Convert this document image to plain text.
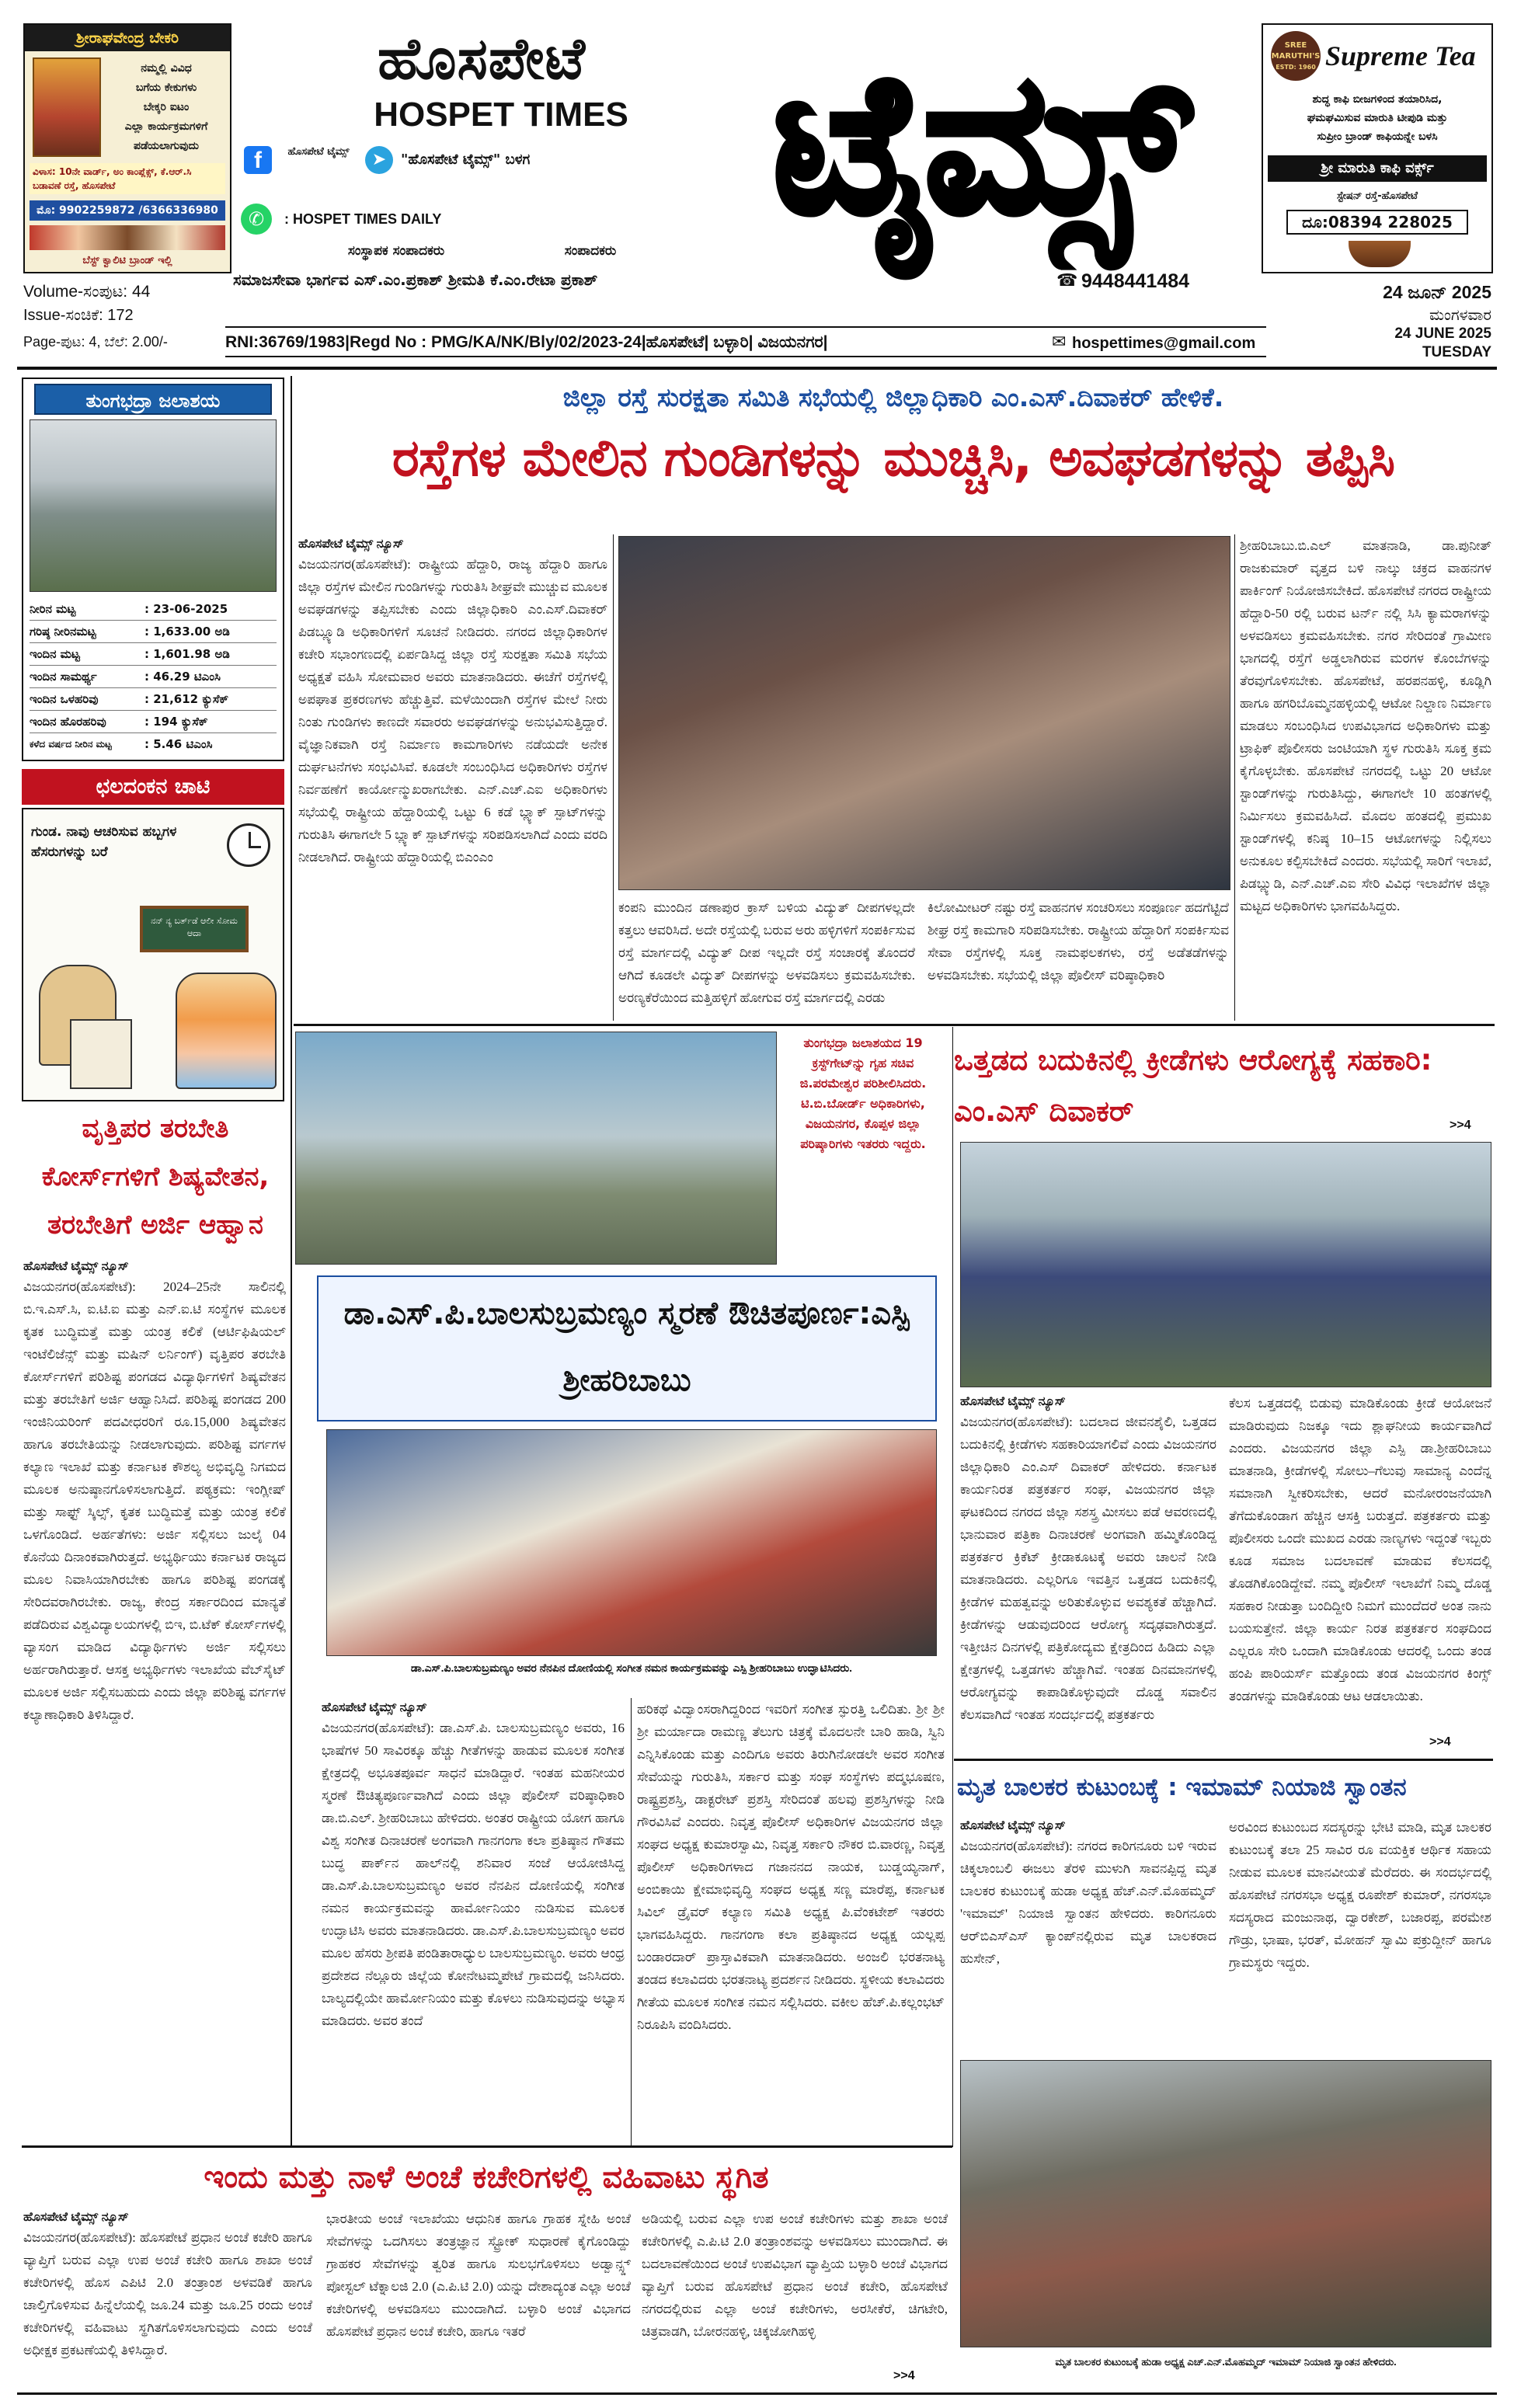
ಶ್ರೀರಾಘವೇಂದ್ರ ಬೇಕರಿ
ನಮ್ಮಲ್ಲಿ ವಿವಿಧ
ಬಗೆಯ ಕೇಕುಗಳು
ಬೇಕ್ಕರಿ ಐಟಂ
ಎಲ್ಲಾ ಕಾರ್ಯಕ್ರಮಗಳಿಗೆ
ಪಡೆಯಲಾಗುವುದು
ವಿಳಾಸ: 10ನೇ ವಾರ್ಡ್, ಅಂ ಕಾಂಪ್ಲೆಕ್ಸ್, ಕೆ.ಆರ್.ಸಿ ಬಡಾವಣೆ ರಸ್ತೆ, ಹೊಸಪೇಟೆ
ಮೊ: 9902259872 /6366336980
ಬೆಸ್ಟ್ ಕ್ವಾಲಿಟಿ ಬ್ರಾಂಡ್ ಇಲ್ಲಿ
ಹೊಸಪೇಟೆ
HOSPET TIMES
f	ಹೊಸಪೇಟೆ ಟೈಮ್ಸ್	➤	"ಹೊಸಪೇಟೆ ಟೈಮ್ಸ್" ಬಳಗ
✆	: HOSPET TIMES DAILY	ಟೈಮ್ಸ್	SREE MARUTHI'S
ESTD: 1960 Supreme Tea
ಶುದ್ಧ ಕಾಫಿ ಬೀಜಗಳಿಂದ ತಯಾರಿಸಿದ,
ಘಮಘಮಿಸುವ ಮಾರುತಿ ಟೀಪುಡಿ ಮತ್ತು
ಸುಪ್ರೀಂ ಬ್ರಾಂಡ್ ಕಾಫಿಯನ್ನೇ ಬಳಸಿ
ಶ್ರೀ ಮಾರುತಿ ಕಾಫಿ ವರ್ಕ್ಸ್
ಸ್ಟೇಷನ್ ರಸ್ತೆ-ಹೊಸಪೇಟೆ
ದೂ:08394 228025
ಸಂಸ್ಥಾಪಕ ಸಂಪಾದಕರು	ಸಂಪಾದಕರು
ಸಮಾಜಸೇವಾ ಭಾರ್ಗವ ಎಸ್.ಎಂ.ಪ್ರಕಾಶ್ ಶ್ರೀಮತಿ ಕೆ.ಎಂ.ರೇಟಾ ಪ್ರಕಾಶ್	☎ 9448441484
Volume-ಸಂಪುಟ: 44
Issue-ಸಂಚಿಕೆ: 172
Page-ಪುಟ: 4, ಬೆಲೆ: 2.00/-
24 ಜೂನ್ 2025
ಮಂಗಳವಾರ
RNI:36769/1983|Regd No : PMG/KA/NK/Bly/02/2023-24|ಹೊಸಪೇಟೆ| ಬಳ್ಳಾರಿ| ವಿಜಯನಗರ|	✉ hospettimes@gmail.com
24 JUNE 2025
TUESDAY
ತುಂಗಭದ್ರಾ ಜಲಾಶಯ
ನೀರಿನ ಮಟ್ಟ	: 23-06-2025
ಗರಿಷ್ಠ ನೀರಿನಮಟ್ಟ	: 1,633.00 ಅಡಿ
ಇಂದಿನ ಮಟ್ಟ	: 1,601.98 ಅಡಿ
ಇಂದಿನ ಸಾಮರ್ಥ್ಯ	: 46.29 ಟಿಎಂಸಿ
ಇಂದಿನ ಒಳಹರಿವು	: 21,612 ಕ್ಯುಸೆಕ್
ಇಂದಿನ ಹೊರಹರಿವು	: 194 ಕ್ಯುಸೆಕ್
ಕಳೆದ ವರ್ಷದ ನೀರಿನ ಮಟ್ಟ	: 5.46 ಟಿಎಂಸಿ
ಛಲದಂಕನ ಚಾಟಿ
ಗುಂಡ. ನಾವು ಆಚರಿಸುವ ಹಬ್ಬಗಳ ಹೆಸರುಗಳನ್ನು ಬರೆ
ನನ್ ನ್ಯ ಬರ್ತ್‌ಡೆ ಆಲೀ ಸೋಮ ಆದಾ
ಜಿಲ್ಲಾ ರಸ್ತೆ ಸುರಕ್ಷತಾ ಸಮಿತಿ ಸಭೆಯಲ್ಲಿ ಜಿಲ್ಲಾಧಿಕಾರಿ ಎಂ.ಎಸ್.ದಿವಾಕರ್ ಹೇಳಿಕೆ.
ರಸ್ತೆಗಳ ಮೇಲಿನ ಗುಂಡಿಗಳನ್ನು ಮುಚ್ಚಿಸಿ, ಅವಘಡಗಳನ್ನು ತಪ್ಪಿಸಿ
ಹೊಸಪೇಟೆ ಟೈಮ್ಸ್ ನ್ಯೂಸ್
ವಿಜಯನಗರ(ಹೊಸಪೇಟೆ): ರಾಷ್ಟ್ರೀಯ ಹೆದ್ದಾರಿ, ರಾಜ್ಯ ಹೆದ್ದಾರಿ ಹಾಗೂ ಜಿಲ್ಲಾ ರಸ್ತೆಗಳ ಮೇಲಿನ ಗುಂಡಿಗಳನ್ನು ಗುರುತಿಸಿ ಶೀಘ್ರವೇ ಮುಚ್ಚುವ ಮೂಲಕ ಅವಘಡಗಳನ್ನು ತಪ್ಪಿಸಬೇಕು ಎಂದು ಜಿಲ್ಲಾಧಿಕಾರಿ ಎಂ.ಎಸ್.ದಿವಾಕರ್ ಪಿಡಬ್ಲ್ಯೂಡಿ ಅಧಿಕಾರಿಗಳಿಗೆ ಸೂಚನೆ ನೀಡಿದರು. ನಗರದ ಜಿಲ್ಲಾಧಿಕಾರಿಗಳ ಕಚೇರಿ ಸಭಾಂಗಣದಲ್ಲಿ ಏರ್ಪಡಿಸಿದ್ದ ಜಿಲ್ಲಾ ರಸ್ತೆ ಸುರಕ್ಷತಾ ಸಮಿತಿ ಸಭೆಯ ಅಧ್ಯಕ್ಷತೆ ವಹಿಸಿ ಸೋಮವಾರ ಅವರು ಮಾತನಾಡಿದರು. ಈಚೆಗೆ ರಸ್ತೆಗಳಲ್ಲಿ ಅಪಘಾತ ಪ್ರಕರಣಗಳು ಹೆಚ್ಚುತ್ತಿವೆ. ಮಳೆಯಿಂದಾಗಿ ರಸ್ತೆಗಳ ಮೇಲೆ ನೀರು ನಿಂತು ಗುಂಡಿಗಳು ಕಾಣದೇ ಸವಾರರು ಅವಘಡಗಳನ್ನು ಅನುಭವಿಸುತ್ತಿದ್ದಾರೆ. ವೈಜ್ಞಾನಿಕವಾಗಿ ರಸ್ತೆ ನಿರ್ಮಾಣ ಕಾಮಗಾರಿಗಳು ನಡೆಯದೇ ಅನೇಕ ದುರ್ಘಟನೆಗಳು ಸಂಭವಿಸಿವೆ. ಕೂಡಲೇ ಸಂಬಂಧಿಸಿದ ಅಧಿಕಾರಿಗಳು ರಸ್ತೆಗಳ ನಿರ್ವಹಣೆಗೆ ಕಾರ್ಯೋನ್ಮುಖರಾಗಬೇಕು. ಎನ್.ಎಚ್.ಎಐ ಅಧಿಕಾರಿಗಳು ಸಭೆಯಲ್ಲಿ ರಾಷ್ಟ್ರೀಯ ಹೆದ್ದಾರಿಯಲ್ಲಿ ಒಟ್ಟು 6 ಕಡೆ ಬ್ಲ್ಯಾಕ್ ಸ್ಪಾಟ್‌ಗಳನ್ನು ಗುರುತಿಸಿ ಈಗಾಗಲೇ 5 ಬ್ಲ್ಯಾಕ್ ಸ್ಪಾಟ್‌ಗಳನ್ನು ಸರಿಪಡಿಸಲಾಗಿದೆ ಎಂದು ವರದಿ ನೀಡಲಾಗಿದೆ. ರಾಷ್ಟ್ರೀಯ ಹೆದ್ದಾರಿಯಲ್ಲಿ ಬಿಎಂಎಂ
ಕಂಪನಿ ಮುಂದಿನ ಡಣಾಪುರ ಕ್ರಾಸ್ ಬಳಿಯ ವಿದ್ಯುತ್ ದೀಪಗಳಲ್ಲದೇ ಕತ್ತಲು ಆವರಿಸಿದೆ. ಅದೇ ರಸ್ತೆಯಲ್ಲಿ ಬರುವ ಅರು ಹಳ್ಳಿಗಳಿಗೆ ಸಂಪರ್ಕಿಸುವ ರಸ್ತೆ ಮಾರ್ಗದಲ್ಲಿ ವಿದ್ಯುತ್ ದೀಪ ಇಲ್ಲದೇ ರಸ್ತೆ ಸಂಚಾರಕ್ಕೆ ತೊಂದರೆ ಆಗಿದೆ ಕೂಡಲೇ ವಿದ್ಯುತ್ ದೀಪಗಳನ್ನು ಅಳವಡಿಸಲು ಕ್ರಮವಹಿಸಬೇಕು. ಅರಣ್ಯಕೆರೆಯಿಂದ ಮತ್ತಿಹಳ್ಳಿಗೆ ಹೋಗುವ ರಸ್ತೆ ಮಾರ್ಗದಲ್ಲಿ ಎರಡು
ಕಿಲೋಮೀಟರ್ ನಷ್ಟು ರಸ್ತೆ ವಾಹನಗಳ ಸಂಚರಿಸಲು ಸಂಪೂರ್ಣ ಹದಗೆಟ್ಟಿದೆ ಶೀಘ್ರ ರಸ್ತೆ ಕಾಮಗಾರಿ ಸರಿಪಡಿಸಬೇಕು. ರಾಷ್ಟ್ರೀಯ ಹೆದ್ದಾರಿಗೆ ಸಂಪರ್ಕಿಸುವ ಸೇವಾ ರಸ್ತೆಗಳಲ್ಲಿ ಸೂಕ್ತ ನಾಮಫಲಕಗಳು, ರಸ್ತೆ ಅಡೆತಡೆಗಳನ್ನು ಅಳವಡಿಸಬೇಕು. ಸಭೆಯಲ್ಲಿ ಜಿಲ್ಲಾ ಪೊಲೀಸ್ ವರಿಷ್ಠಾಧಿಕಾರಿ
ಶ್ರೀಹರಿಬಾಬು.ಬಿ.ಎಲ್ ಮಾತನಾಡಿ, ಡಾ.ಪುನೀತ್ ರಾಜಕುಮಾರ್ ವೃತ್ತದ ಬಳಿ ನಾಲ್ಕು ಚಕ್ರದ ವಾಹನಗಳ ಪಾರ್ಕಿಂಗ್ ನಿಯೋಜಿಸಬೇಕಿದೆ. ಹೊಸಪೇಟೆ ನಗರದ ರಾಷ್ಟ್ರೀಯ ಹೆದ್ದಾರಿ-50 ರಲ್ಲಿ ಬರುವ ಟರ್ನ್ ನಲ್ಲಿ ಸಿಸಿ ಕ್ಯಾಮರಾಗಳನ್ನು ಅಳವಡಿಸಲು ಕ್ರಮವಹಿಸಬೇಕು. ನಗರ ಸೇರಿದಂತೆ ಗ್ರಾಮೀಣ ಭಾಗದಲ್ಲಿ ರಸ್ತೆಗೆ ಅಡ್ಡಲಾಗಿರುವ ಮರಗಳ ಕೊಂಬೆಗಳನ್ನು ತೆರವುಗೊಳಿಸಬೇಕು. ಹೊಸಪೇಟೆ, ಹರಪನಹಳ್ಳಿ, ಕೂಡ್ಲಿಗಿ ಹಾಗೂ ಹಗರಿಬೊಮ್ಮನಹಳ್ಳಿಯಲ್ಲಿ ಆಟೋ ನಿಲ್ದಾಣ ನಿರ್ಮಾಣ ಮಾಡಲು ಸಂಬಂಧಿಸಿದ ಉಪವಿಭಾಗದ ಅಧಿಕಾರಿಗಳು ಮತ್ತು ಟ್ರಾಫಿಕ್ ಪೊಲೀಸರು ಜಂಟಿಯಾಗಿ ಸ್ಥಳ ಗುರುತಿಸಿ ಸೂಕ್ತ ಕ್ರಮ ಕೈಗೊಳ್ಳಬೇಕು. ಹೊಸಪೇಟೆ ನಗರದಲ್ಲಿ ಒಟ್ಟು 20 ಆಟೋ ಸ್ಟಾಂಡ್‌ಗಳನ್ನು ಗುರುತಿಸಿದ್ದು, ಈಗಾಗಲೇ 10 ಹಂತಗಳಲ್ಲಿ ನಿರ್ಮಿಸಲು ಕ್ರಮವಹಿಸಿದೆ. ಮೊದಲ ಹಂತದಲ್ಲಿ ಪ್ರಮುಖ ಸ್ಟಾಂಡ್‌ಗಳಲ್ಲಿ ಕನಿಷ್ಠ 10–15 ಆಟೋಗಳನ್ನು ನಿಲ್ಲಿಸಲು ಅನುಕೂಲ ಕಲ್ಪಿಸಬೇಕಿದೆ ಎಂದರು. ಸಭೆಯಲ್ಲಿ ಸಾರಿಗೆ ಇಲಾಖೆ, ಪಿಡಬ್ಲ್ಯುಡಿ, ಎನ್.ಎಚ್.ಎಐ ಸೇರಿ ವಿವಿಧ ಇಲಾಖೆಗಳ ಜಿಲ್ಲಾ ಮಟ್ಟದ ಅಧಿಕಾರಿಗಳು ಭಾಗವಹಿಸಿದ್ದರು.
ತುಂಗಭದ್ರಾ ಜಲಾಶಯದ 19 ಕ್ರಸ್ಟ್‌ಗೇಟ್‌ನ್ನು ಗೃಹ ಸಚಿವ ಜಿ.ಪರಮೇಶ್ವರ ಪರಿಶೀಲಿಸಿದರು. ಟಿ.ಬಿ.ಬೋರ್ಡ್ ಅಧಿಕಾರಿಗಳು, ವಿಜಯನಗರ, ಕೊಪ್ಪಳ ಜಿಲ್ಲಾ ಪರಿಷ್ಕಾರಿಗಳು ಇತರರು ಇದ್ದರು.
ವೃತ್ತಿಪರ ತರಬೇತಿ ಕೋರ್ಸ್‌ಗಳಿಗೆ ಶಿಷ್ಯವೇತನ, ತರಬೇತಿಗೆ ಅರ್ಜಿ ಆಹ್ವಾನ
ಹೊಸಪೇಟೆ ಟೈಮ್ಸ್ ನ್ಯೂಸ್
ವಿಜಯನಗರ(ಹೊಸಪೇಟೆ): 2024–25ನೇ ಸಾಲಿನಲ್ಲಿ ಬಿ.ಇ.ಎಸ್.ಸಿ, ಐ.ಟಿ.ಐ ಮತ್ತು ಎನ್.ಐ.ಟಿ ಸಂಸ್ಥೆಗಳ ಮೂಲಕ ಕೃತಕ ಬುದ್ಧಿಮತ್ತೆ ಮತ್ತು ಯಂತ್ರ ಕಲಿಕೆ (ಆರ್ಟಿಫಿಷಿಯಲ್ ಇಂಟೆಲಿಜೆನ್ಸ್ ಮತ್ತು ಮಷಿನ್ ಲರ್ನಿಂಗ್) ವೃತ್ತಿಪರ ತರಬೇತಿ ಕೋರ್ಸ್‌ಗಳಿಗೆ ಪರಿಶಿಷ್ಟ ಪಂಗಡದ ವಿದ್ಯಾರ್ಥಿಗಳಿಗೆ ಶಿಷ್ಯವೇತನ ಮತ್ತು ತರಬೇತಿಗೆ ಅರ್ಜಿ ಆಹ್ವಾನಿಸಿದೆ. ಪರಿಶಿಷ್ಟ ಪಂಗಡದ 200 ಇಂಜಿನಿಯರಿಂಗ್ ಪದವೀಧರರಿಗೆ ರೂ.15,000 ಶಿಷ್ಯವೇತನ ಹಾಗೂ ತರಬೇತಿಯನ್ನು ನೀಡಲಾಗುವುದು. ಪರಿಶಿಷ್ಟ ವರ್ಗಗಳ ಕಲ್ಯಾಣ ಇಲಾಖೆ ಮತ್ತು ಕರ್ನಾಟಕ ಕೌಶಲ್ಯ ಅಭಿವೃದ್ಧಿ ನಿಗಮದ ಮೂಲಕ ಅನುಷ್ಠಾನಗೊಳಿಸಲಾಗುತ್ತಿದೆ. ಪಠ್ಯಕ್ರಮ: ಇಂಗ್ಲೀಷ್ ಮತ್ತು ಸಾಫ್ಟ್ ಸ್ಕಿಲ್ಸ್, ಕೃತಕ ಬುದ್ಧಿಮತ್ತೆ ಮತ್ತು ಯಂತ್ರ ಕಲಿಕೆ ಒಳಗೊಂಡಿದೆ. ಅರ್ಹತೆಗಳು: ಅರ್ಜಿ ಸಲ್ಲಿಸಲು ಜುಲೈ 04 ಕೊನೆಯ ದಿನಾಂಕವಾಗಿರುತ್ತದೆ. ಅಭ್ಯರ್ಥಿಯು ಕರ್ನಾಟಕ ರಾಜ್ಯದ ಮೂಲ ನಿವಾಸಿಯಾಗಿರಬೇಕು ಹಾಗೂ ಪರಿಶಿಷ್ಟ ಪಂಗಡಕ್ಕೆ ಸೇರಿದವರಾಗಿರಬೇಕು. ರಾಜ್ಯ, ಕೇಂದ್ರ ಸರ್ಕಾರದಿಂದ ಮಾನ್ಯತೆ ಪಡೆದಿರುವ ವಿಶ್ವವಿದ್ಯಾಲಯಗಳಲ್ಲಿ ಬಿಇ, ಬಿ.ಟೆಕ್ ಕೋರ್ಸ್‌ಗಳಲ್ಲಿ ವ್ಯಾಸಂಗ ಮಾಡಿದ ವಿದ್ಯಾರ್ಥಿಗಳು ಅರ್ಜಿ ಸಲ್ಲಿಸಲು ಅರ್ಹರಾಗಿರುತ್ತಾರೆ. ಆಸಕ್ತ ಅಭ್ಯರ್ಥಿಗಳು ಇಲಾಖೆಯ ವೆಬ್‌ಸೈಟ್ ಮೂಲಕ ಅರ್ಜಿ ಸಲ್ಲಿಸಬಹುದು ಎಂದು ಜಿಲ್ಲಾ ಪರಿಶಿಷ್ಟ ವರ್ಗಗಳ ಕಲ್ಯಾಣಾಧಿಕಾರಿ ತಿಳಿಸಿದ್ದಾರೆ.
ಒತ್ತಡದ ಬದುಕಿನಲ್ಲಿ ಕ್ರೀಡೆಗಳು ಆರೋಗ್ಯಕ್ಕೆ ಸಹಕಾರಿ: ಎಂ.ಎಸ್ ದಿವಾಕರ್	>>4
ಹೊಸಪೇಟೆ ಟೈಮ್ಸ್ ನ್ಯೂಸ್
ವಿಜಯನಗರ(ಹೊಸಪೇಟೆ): ಬದಲಾದ ಜೀವನಶೈಲಿ, ಒತ್ತಡದ ಬದುಕಿನಲ್ಲಿ ಕ್ರೀಡೆಗಳು ಸಹಕಾರಿಯಾಗಲಿವೆ ಎಂದು ವಿಜಯನಗರ ಜಿಲ್ಲಾಧಿಕಾರಿ ಎಂ.ಎಸ್ ದಿವಾಕರ್ ಹೇಳಿದರು. ಕರ್ನಾಟಕ ಕಾರ್ಯನಿರತ ಪತ್ರಕರ್ತರ ಸಂಘ, ವಿಜಯನಗರ ಜಿಲ್ಲಾ ಘಟಕದಿಂದ ನಗರದ ಜಿಲ್ಲಾ ಸಶಸ್ತ್ರ ಮೀಸಲು ಪಡೆ ಆವರಣದಲ್ಲಿ ಭಾನುವಾರ ಪತ್ರಿಕಾ ದಿನಾಚರಣೆ ಅಂಗವಾಗಿ ಹಮ್ಮಿಕೊಂಡಿದ್ದ ಪತ್ರಕರ್ತರ ಕ್ರಿಕೆಟ್ ಕ್ರೀಡಾಕೂಟಕ್ಕೆ ಅವರು ಚಾಲನೆ ನೀಡಿ ಮಾತನಾಡಿದರು. ಎಲ್ಲರಿಗೂ ಇವತ್ತಿನ ಒತ್ತಡದ ಬದುಕಿನಲ್ಲಿ ಕ್ರೀಡೆಗಳ ಮಹತ್ವವನ್ನು ಅರಿತುಕೊಳ್ಳುವ ಅವಶ್ಯಕತೆ ಹೆಚ್ಚಾಗಿದೆ. ಕ್ರೀಡೆಗಳನ್ನು ಆಡುವುದರಿಂದ ಆರೋಗ್ಯ ಸದೃಢವಾಗಿರುತ್ತದೆ. ಇತ್ತೀಚಿನ ದಿನಗಳಲ್ಲಿ ಪತ್ರಿಕೋದ್ಯಮ ಕ್ಷೇತ್ರದಿಂದ ಹಿಡಿದು ಎಲ್ಲಾ ಕ್ಷೇತ್ರಗಳಲ್ಲಿ ಒತ್ತಡಗಳು ಹೆಚ್ಚಾಗಿವೆ. ಇಂತಹ ದಿನಮಾನಗಳಲ್ಲಿ ಆರೋಗ್ಯವನ್ನು ಕಾಪಾಡಿಕೊಳ್ಳುವುದೇ ದೊಡ್ಡ ಸವಾಲಿನ ಕೆಲಸವಾಗಿದೆ ಇಂತಹ ಸಂದರ್ಭದಲ್ಲಿ ಪತ್ರಕರ್ತರು
ಕೆಲಸ ಒತ್ತಡದಲ್ಲಿ ಬಿಡುವು ಮಾಡಿಕೊಂಡು ಕ್ರೀಡೆ ಆಯೋಜನೆ ಮಾಡಿರುವುದು ನಿಜಕ್ಕೂ ಇದು ಶ್ಲಾಘನೀಯ ಕಾರ್ಯವಾಗಿದೆ ಎಂದರು. ವಿಜಯನಗರ ಜಿಲ್ಲಾ ಎಸ್ಪಿ ಡಾ.ಶ್ರೀಹರಿಬಾಬು ಮಾತನಾಡಿ, ಕ್ರೀಡೆಗಳಲ್ಲಿ ಸೋಲು–ಗೆಲುವು ಸಾಮಾನ್ಯ ಎಂದೆನ್ನ ಸಮಾನಾಗಿ ಸ್ವೀಕರಿಸಬೇಕು, ಆದರೆ ಮನೋರಂಜನೆಯಾಗಿ ತೆಗೆದುಕೊಂಡಾಗ ಹೆಚ್ಚಿನ ಆಸಕ್ತಿ ಬರುತ್ತದೆ. ಪತ್ರಕರ್ತರು ಮತ್ತು ಪೊಲೀಸರು ಒಂದೇ ಮುಖದ ಎರಡು ನಾಣ್ಯಗಳು ಇದ್ದಂತೆ ಇಬ್ಬರು ಕೂಡ ಸಮಾಜ ಬದಲಾವಣೆ ಮಾಡುವ ಕೆಲಸದಲ್ಲಿ ತೊಡಗಿಕೊಂಡಿದ್ದೇವೆ. ನಮ್ಮ ಪೊಲೀಸ್ ಇಲಾಖೆಗೆ ನಿಮ್ಮ ದೊಡ್ಡ ಸಹಕಾರ ನೀಡುತ್ತಾ ಬಂದಿದ್ದೀರಿ ನಿಮಗೆ ಮುಂದೆದರೆ ಅಂತ ನಾನು ಬಯಸುತ್ತೇನೆ. ಜಿಲ್ಲಾ ಕಾರ್ಯ ನಿರತ ಪತ್ರಕರ್ತರ ಸಂಘದಿಂದ ಎಲ್ಲರೂ ಸೇರಿ ಒಂದಾಗಿ ಮಾಡಿಕೊಂಡು ಆದರಲ್ಲಿ ಒಂದು ತಂಡ ಹಂಪಿ ಪಾರಿಯರ್ಸ್ ಮತ್ತೊಂದು ತಂಡ ವಿಜಯನಗರ ಕಿಂಗ್ಸ್ ತಂಡಗಳನ್ನು ಮಾಡಿಕೊಂಡು ಆಟ ಆಡಲಾಯಿತು.
>>4
ಡಾ.ಎಸ್.ಪಿ.ಬಾಲಸುಬ್ರಮಣ್ಯಂ ಸ್ಮರಣೆ ಔಚಿತಪೂರ್ಣ:ಎಸ್ಪಿ ಶ್ರೀಹರಿಬಾಬು
ಡಾ.ಎಸ್.ಪಿ.ಬಾಲಸುಬ್ರಮಣ್ಯಂ ಅವರ ನೆನಪಿನ ದೋಣಿಯಲ್ಲಿ ಸಂಗೀತ ನಮನ ಕಾರ್ಯಕ್ರಮವನ್ನು ಎಸ್ಪಿ ಶ್ರೀಹರಿಬಾಬು ಉದ್ಘಾಟಿಸಿದರು.
ಹೊಸಪೇಟೆ ಟೈಮ್ಸ್ ನ್ಯೂಸ್
ವಿಜಯನಗರ(ಹೊಸಪೇಟೆ): ಡಾ.ಎಸ್.ಪಿ. ಬಾಲಸುಬ್ರಮಣ್ಯಂ ಅವರು, 16 ಭಾಷೆಗಳ 50 ಸಾವಿರಕ್ಕೂ ಹೆಚ್ಚು ಗೀತೆಗಳನ್ನು ಹಾಡುವ ಮೂಲಕ ಸಂಗೀತ ಕ್ಷೇತ್ರದಲ್ಲಿ ಅಭೂತಪೂರ್ವ ಸಾಧನೆ ಮಾಡಿದ್ದಾರೆ. ಇಂತಹ ಮಹನೀಯರ ಸ್ಮರಣೆ ಔಚಿತ್ಯಪೂರ್ಣವಾಗಿದೆ ಎಂದು ಜಿಲ್ಲಾ ಪೊಲೀಸ್ ವರಿಷ್ಠಾಧಿಕಾರಿ ಡಾ.ಬಿ.ಎಲ್. ಶ್ರೀಹರಿಬಾಬು ಹೇಳಿದರು. ಅಂತರ ರಾಷ್ಟ್ರೀಯ ಯೋಗ ಹಾಗೂ ವಿಶ್ವ ಸಂಗೀತ ದಿನಾಚರಣೆ ಅಂಗವಾಗಿ ಗಾನಗಂಗಾ ಕಲಾ ಪ್ರತಿಷ್ಠಾನ ಗೌತಮ ಬುದ್ಧ ಪಾರ್ಕ್‌ನ ಹಾಲ್‌ನಲ್ಲಿ ಶನಿವಾರ ಸಂಜೆ ಆಯೋಜಿಸಿದ್ದ ಡಾ.ಎಸ್.ಪಿ.ಬಾಲಸುಬ್ರಮಣ್ಯಂ ಅವರ ನೆನಪಿನ ದೋಣಿಯಲ್ಲಿ ಸಂಗೀತ ನಮನ ಕಾರ್ಯಕ್ರಮವನ್ನು ಹಾರ್ಮೋನಿಯಂ ನುಡಿಸುವ ಮೂಲಕ ಉದ್ಘಾಟಿಸಿ ಅವರು ಮಾತನಾಡಿದರು. ಡಾ.ಎಸ್.ಪಿ.ಬಾಲಸುಬ್ರಮಣ್ಯಂ ಅವರ ಮೂಲ ಹೆಸರು ಶ್ರೀಪತಿ ಪಂಡಿತಾರಾಧ್ಯುಲ ಬಾಲಸುಬ್ರಮಣ್ಯಂ. ಅವರು ಆಂಧ್ರ ಪ್ರದೇಶದ ನೆಲ್ಲೂರು ಜಿಲ್ಲೆಯ ಕೋನೇಟಮ್ಮಪೇಟೆ ಗ್ರಾಮದಲ್ಲಿ ಜನಿಸಿದರು. ಬಾಲ್ಯದಲ್ಲಿಯೇ ಹಾರ್ಮೋನಿಯಂ ಮತ್ತು ಕೊಳಲು ನುಡಿಸುವುದನ್ನು ಅಭ್ಯಾಸ ಮಾಡಿದರು. ಅವರ ತಂದೆ
ಹರಿಕಥೆ ವಿದ್ವಾಂಸರಾಗಿದ್ದರಿಂದ ಇವರಿಗೆ ಸಂಗೀತ ಸ್ಫುರತ್ತಿ ಒಲಿದಿತು. ಶ್ರೀ ಶ್ರೀ ಶ್ರೀ ಮರ್ಯಾದಾ ರಾಮಣ್ಣ ತೆಲುಗು ಚಿತ್ರಕ್ಕೆ ಮೊದಲನೇ ಬಾರಿ ಹಾಡಿ, ಸ್ವಿನಿ ಎನ್ನಿಸಿಕೊಂಡು ಮತ್ತು ಎಂದಿಗೂ ಅವರು ತಿರುಗಿನೋಡಲೇ ಅವರ ಸಂಗೀತ ಸೇವೆಯನ್ನು ಗುರುತಿಸಿ, ಸರ್ಕಾರ ಮತ್ತು ಸಂಘ ಸಂಸ್ಥೆಗಳು ಪದ್ಮಭೂಷಣ, ರಾಷ್ಟ್ರಪ್ರಶಸ್ತಿ, ಡಾಕ್ಟರೇಟ್ ಪ್ರಶಸ್ತಿ ಸೇರಿದಂತೆ ಹಲವು ಪ್ರಶಸ್ತಿಗಳನ್ನು ನೀಡಿ ಗೌರವಿಸಿವೆ ಎಂದರು. ನಿವೃತ್ತ ಪೊಲೀಸ್ ಅಧಿಕಾರಿಗಳ ವಿಜಯನಗರ ಜಿಲ್ಲಾ ಸಂಘದ ಅಧ್ಯಕ್ಷ ಕುಮಾರಸ್ವಾಮಿ, ನಿವೃತ್ತ ಸರ್ಕಾರಿ ನೌಕರ ಬಿ.ವಾರಣ್ಣ, ನಿವೃತ್ತ ಪೊಲೀಸ್ ಅಧಿಕಾರಿಗಳಾದ ಗಜಾನನದ ನಾಯಕ, ಬುಡ್ಡಯ್ಯನಾಗ್, ಅಂಬಿಕಾಯಿ ಕ್ಷೇಮಾಭಿವೃದ್ಧಿ ಸಂಘದ ಅಧ್ಯಕ್ಷ ಸಣ್ಣ ಮಾರೆಪ್ಪ, ಕರ್ನಾಟಕ ಸಿವಿಲ್ ಡ್ರೈವರ್ ಕಲ್ಯಾಣ ಸಮಿತಿ ಅಧ್ಯಕ್ಷ ಪಿ.ವೆಂಕಟೇಶ್ ಇತರರು ಭಾಗವಹಿಸಿದ್ದರು. ಗಾನಗಂಗಾ ಕಲಾ ಪ್ರತಿಷ್ಠಾನದ ಅಧ್ಯಕ್ಷ ಯಲ್ಲಪ್ಪ ಬಂಡಾರದಾರ್ ಪ್ರಾಸ್ತಾವಿಕವಾಗಿ ಮಾತನಾಡಿದರು. ಅಂಜಲಿ ಭರತನಾಟ್ಯ ತಂಡದ ಕಲಾವಿದರು ಭರತನಾಟ್ಯ ಪ್ರದರ್ಶನ ನೀಡಿದರು. ಸ್ಥಳೀಯ ಕಲಾವಿದರು ಗೀತೆಯ ಮೂಲಕ ಸಂಗೀತ ನಮನ ಸಲ್ಲಿಸಿದರು. ವಕೀಲ ಹೆಚ್.ಪಿ.ಕಲ್ಲಂಭಟ್ ನಿರೂಪಿಸಿ ವಂದಿಸಿದರು.
ಮೃತ ಬಾಲಕರ ಕುಟುಂಬಕ್ಕೆ : ಇಮಾಮ್ ನಿಯಾಜಿ ಸ್ವಾಂತನ
ಹೊಸಪೇಟೆ ಟೈಮ್ಸ್ ನ್ಯೂಸ್
ವಿಜಯನಗರ(ಹೊಸಪೇಟೆ): ನಗರದ ಕಾರಿಗನೂರು ಬಳಿ ಇರುವ ಚಿಕ್ಕಲಾಂಬಲಿ ಈಜಲು ತೆರಳಿ ಮುಳುಗಿ ಸಾವನಪ್ಪಿದ್ದ ಮೃತ ಬಾಲಕರ ಕುಟುಂಬಕ್ಕೆ ಹುಡಾ ಅಧ್ಯಕ್ಷ ಹೆಚ್.ಎನ್.ಮೊಹಮ್ಮದ್ 'ಇಮಾಮ್' ನಿಯಾಜಿ ಸ್ವಾಂತನ ಹೇಳಿದರು. ಕಾರಿಗನೂರು ಆರ್‌ಬಿಎಸ್‌ಎಸ್ ಕ್ಯಾಂಪ್‌ನಲ್ಲಿರುವ ಮೃತ ಬಾಲಕರಾದ ಹುಸೇನ್,
ಅರವಿಂದ ಕುಟುಂಬದ ಸದಸ್ಯರನ್ನು ಭೇಟಿ ಮಾಡಿ, ಮೃತ ಬಾಲಕರ ಕುಟುಂಬಕ್ಕೆ ತಲಾ 25 ಸಾವಿರ ರೂ ವಯಕ್ತಿಕ ಆರ್ಥಿಕ ಸಹಾಯ ನೀಡುವ ಮೂಲಕ ಮಾನವೀಯತೆ ಮೆರೆದರು. ಈ ಸಂದರ್ಭದಲ್ಲಿ ಹೊಸಪೇಟೆ ನಗರಸಭಾ ಅಧ್ಯಕ್ಷ ರೂಪೇಶ್ ಕುಮಾರ್, ನಗರಸಭಾ ಸದಸ್ಯರಾದ ಮಂಜುನಾಥ, ದ್ವಾರಕೇಶ್, ಬಜಾರಪ್ಪ, ಪರಮೇಶ ಗೌಡ್ರು, ಭಾಷಾ, ಭರತ್, ಮೋಹನ್ ಸ್ವಾಮಿ ಪಕ್ರುದ್ದೀನ್ ಹಾಗೂ ಗ್ರಾಮಸ್ಥರು ಇದ್ದರು.
ಮೃತ ಬಾಲಕರ ಕುಟುಂಬಕ್ಕೆ ಹುಡಾ ಅಧ್ಯಕ್ಷ ಎಚ್.ಎನ್.ಮೊಹಮ್ಮದ್ ಇಮಾಮ್ ನಿಯಾಜಿ ಸ್ವಾಂತನ ಹೇಳಿದರು.
ಇಂದು ಮತ್ತು ನಾಳೆ ಅಂಚೆ ಕಚೇರಿಗಳಲ್ಲಿ ವಹಿವಾಟು ಸ್ಥಗಿತ
ಹೊಸಪೇಟೆ ಟೈಮ್ಸ್ ನ್ಯೂಸ್
ವಿಜಯನಗರ(ಹೊಸಪೇಟೆ): ಹೊಸಪೇಟೆ ಪ್ರಧಾನ ಅಂಚೆ ಕಚೇರಿ ಹಾಗೂ ವ್ಯಾಪ್ತಿಗೆ ಬರುವ ಎಲ್ಲಾ ಉಪ ಅಂಚೆ ಕಚೇರಿ ಹಾಗೂ ಶಾಖಾ ಅಂಚೆ ಕಚೇರಿಗಳಲ್ಲಿ ಹೊಸ ಎಪಿಟಿ 2.0 ತಂತ್ರಾಂಶ ಅಳವಡಿಕೆ ಹಾಗೂ ಚಾಲ್ತಿಗೊಳಿಸುವ ಹಿನ್ನೆಲೆಯಲ್ಲಿ ಜೂ.24 ಮತ್ತು ಜೂ.25 ರಂದು ಅಂಚೆ ಕಚೇರಿಗಳಲ್ಲಿ ವಹಿವಾಟು ಸ್ಥಗಿತಗೊಳಿಸಲಾಗುವುದು ಎಂದು ಅಂಚೆ ಅಧೀಕ್ಷಕ ಪ್ರಕಟಣೆಯಲ್ಲಿ ತಿಳಿಸಿದ್ದಾರೆ.
ಭಾರತೀಯ ಅಂಚೆ ಇಲಾಖೆಯು ಆಧುನಿಕ ಹಾಗೂ ಗ್ರಾಹಕ ಸ್ನೇಹಿ ಅಂಚೆ ಸೇವೆಗಳನ್ನು ಒದಗಿಸಲು ತಂತ್ರಜ್ಞಾನ ಸ್ಟ್ರೋಕ್ ಸುಧಾರಣೆ ಕೈಗೊಂಡಿದ್ದು ಗ್ರಾಹಕರ ಸೇವೆಗಳನ್ನು ತ್ವರಿತ ಹಾಗೂ ಸುಲಭಗೊಳಿಸಲು ಅಡ್ವಾನ್ಸ್ಡ್ ಪೋಸ್ಟಲ್ ಟೆಕ್ನಾಲಜಿ 2.0 (ಎ.ಪಿ.ಟಿ 2.0) ಯನ್ನು ದೇಶಾದ್ಯಂತ ಎಲ್ಲಾ ಅಂಚೆ ಕಚೇರಿಗಳಲ್ಲಿ ಅಳವಡಿಸಲು ಮುಂದಾಗಿದೆ. ಬಳ್ಳಾರಿ ಅಂಚೆ ವಿಭಾಗದ ಹೊಸಪೇಟೆ ಪ್ರಧಾನ ಅಂಚೆ ಕಚೇರಿ, ಹಾಗೂ ಇತರೆ
ಅಡಿಯಲ್ಲಿ ಬರುವ ಎಲ್ಲಾ ಉಪ ಅಂಚೆ ಕಚೇರಿಗಳು ಮತ್ತು ಶಾಖಾ ಅಂಚೆ ಕಚೇರಿಗಳಲ್ಲಿ ಎ.ಪಿ.ಟಿ 2.0 ತಂತ್ರಾಂಶವನ್ನು ಅಳವಡಿಸಲು ಮುಂದಾಗಿದೆ. ಈ ಬದಲಾವಣೆಯಿಂದ ಅಂಚೆ ಉಪವಿಭಾಗ ವ್ಯಾಪ್ತಿಯ ಬಳ್ಳಾರಿ ಅಂಚೆ ವಿಭಾಗದ ವ್ಯಾಪ್ತಿಗೆ ಬರುವ ಹೊಸಪೇಟೆ ಪ್ರಧಾನ ಅಂಚೆ ಕಚೇರಿ, ಹೊಸಪೇಟೆ ನಗರದಲ್ಲಿರುವ ಎಲ್ಲಾ ಅಂಚೆ ಕಚೇರಿಗಳು, ಅರಸೀಕೆರೆ, ಚಿಗಟೇರಿ, ಚಿತ್ರವಾಡಗಿ, ಬೋರನಹಳ್ಳಿ, ಚಿಕ್ಕಜೋಗಿಹಳ್ಳಿ
>>4
